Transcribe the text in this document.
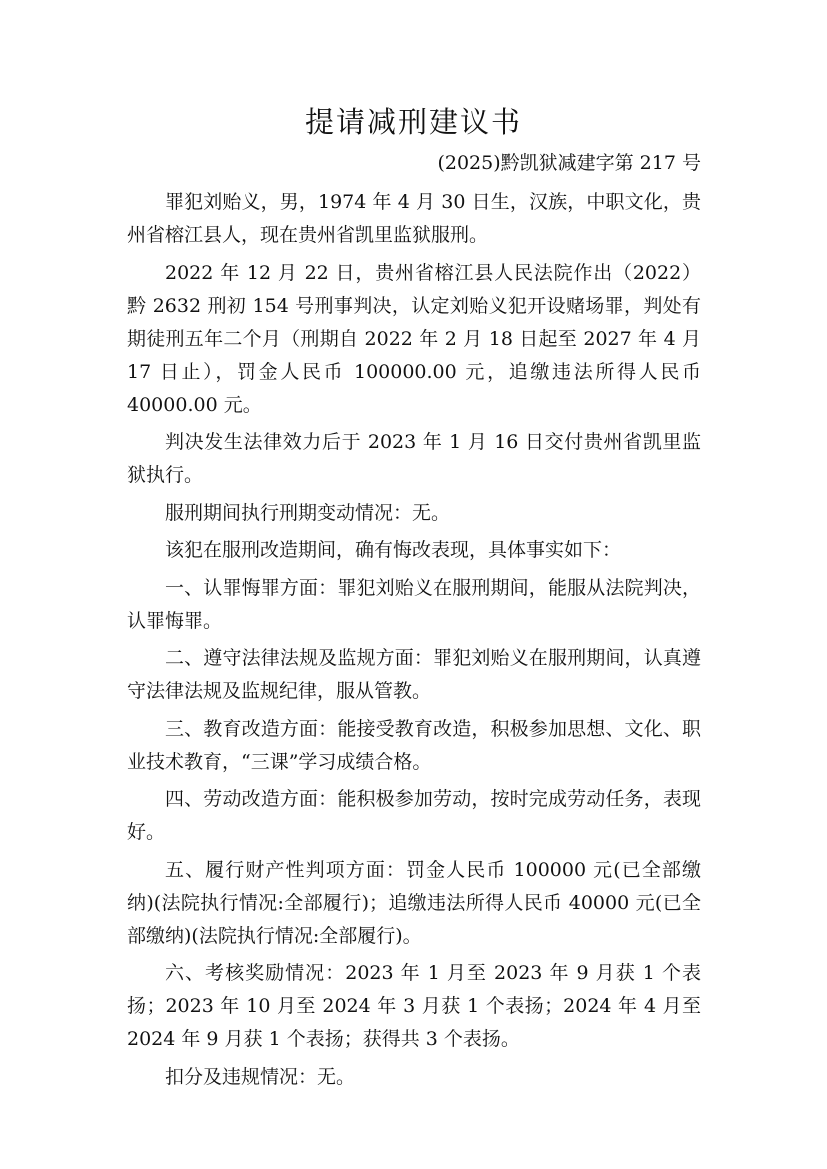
提请减刑建议书
(2025)黔凯狱减建字第 217 号

罪犯刘贻义，男，1974 年 4 月 30 日生，汉族，中职文化，贵州省榕江县人，现在贵州省凯里监狱服刑。

2022 年 12 月 22 日，贵州省榕江县人民法院作出（2022）黔 2632 刑初 154 号刑事判决，认定刘贻义犯开设赌场罪，判处有期徒刑五年二个月（刑期自 2022 年 2 月 18 日起至 2027 年 4 月 17 日止），罚金人民币 100000.00 元，追缴违法所得人民币 40000.00 元。

判决发生法律效力后于 2023 年 1 月 16 日交付贵州省凯里监狱执行。

服刑期间执行刑期变动情况：无。

该犯在服刑改造期间，确有悔改表现，具体事实如下：

一、认罪悔罪方面：罪犯刘贻义在服刑期间，能服从法院判决，认罪悔罪。

二、遵守法律法规及监规方面：罪犯刘贻义在服刑期间，认真遵守法律法规及监规纪律，服从管教。

三、教育改造方面：能接受教育改造，积极参加思想、文化、职业技术教育，“三课”学习成绩合格。

四、劳动改造方面：能积极参加劳动，按时完成劳动任务，表现好。

五、履行财产性判项方面：罚金人民币 100000 元(已全部缴纳)(法院执行情况:全部履行)；追缴违法所得人民币 40000 元(已全部缴纳)(法院执行情况:全部履行)。

六、考核奖励情况：2023 年 1 月至 2023 年 9 月获 1 个表扬；2023 年 10 月至 2024 年 3 月获 1 个表扬；2024 年 4 月至 2024 年 9 月获 1 个表扬；获得共 3 个表扬。

扣分及违规情况：无。
